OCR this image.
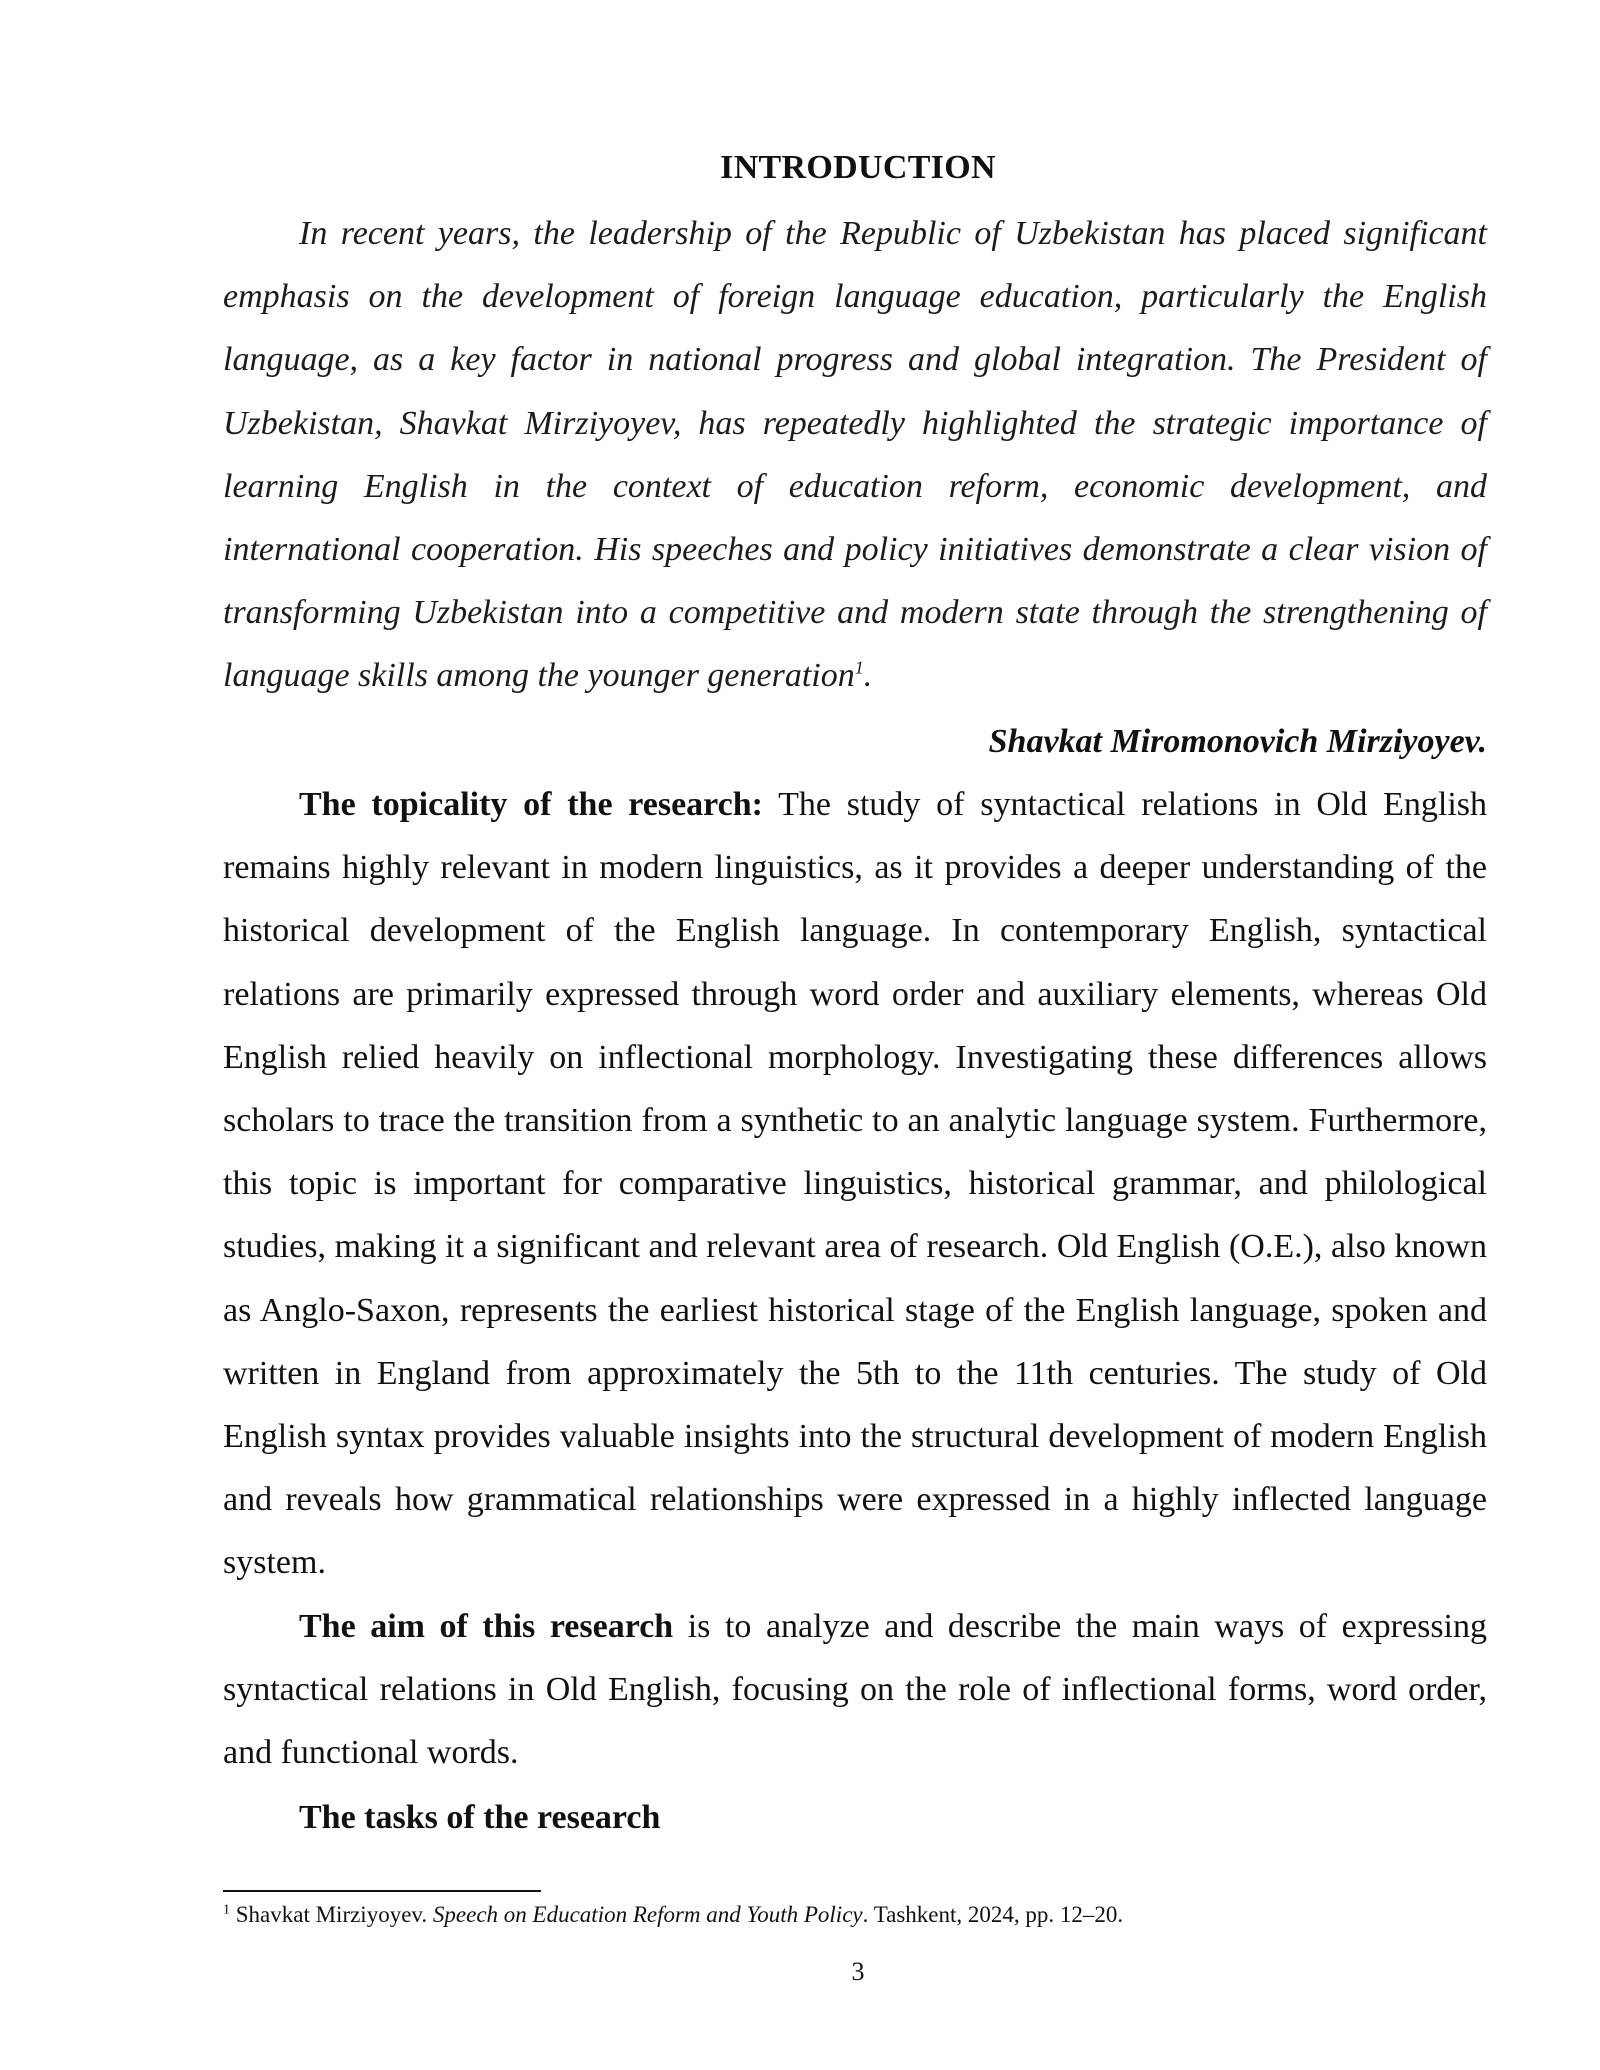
INTRODUCTION

In recent years, the leadership of the Republic of Uzbekistan has placed significant emphasis on the development of foreign language education, particularly the English language, as a key factor in national progress and global integration. The President of Uzbekistan, Shavkat Mirziyoyev, has repeatedly highlighted the strategic importance of learning English in the context of education reform, economic development, and international cooperation. His speeches and policy initiatives demonstrate a clear vision of transforming Uzbekistan into a competitive and modern state through the strengthening of language skills among the younger generation$^1$.

Shavkat Miromonovich Mirziyoyev.

The topicality of the research: The study of syntactical relations in Old English remains highly relevant in modern linguistics, as it provides a deeper understanding of the historical development of the English language. In contemporary English, syntactical relations are primarily expressed through word order and auxiliary elements, whereas Old English relied heavily on inflectional morphology. Investigating these differences allows scholars to trace the transition from a synthetic to an analytic language system. Furthermore, this topic is important for comparative linguistics, historical grammar, and philological studies, making it a significant and relevant area of research. Old English (O.E.), also known as Anglo-Saxon, represents the earliest historical stage of the English language, spoken and written in England from approximately the 5th to the 11th centuries. The study of Old English syntax provides valuable insights into the structural development of modern English and reveals how grammatical relationships were expressed in a highly inflected language system.

The aim of this research is to analyze and describe the main ways of expressing syntactical relations in Old English, focusing on the role of inflectional forms, word order, and functional words.

The tasks of the research
$^1$ Shavkat Mirziyoyev. Speech on Education Reform and Youth Policy. Tashkent, 2024, pp. 12–20.
3
